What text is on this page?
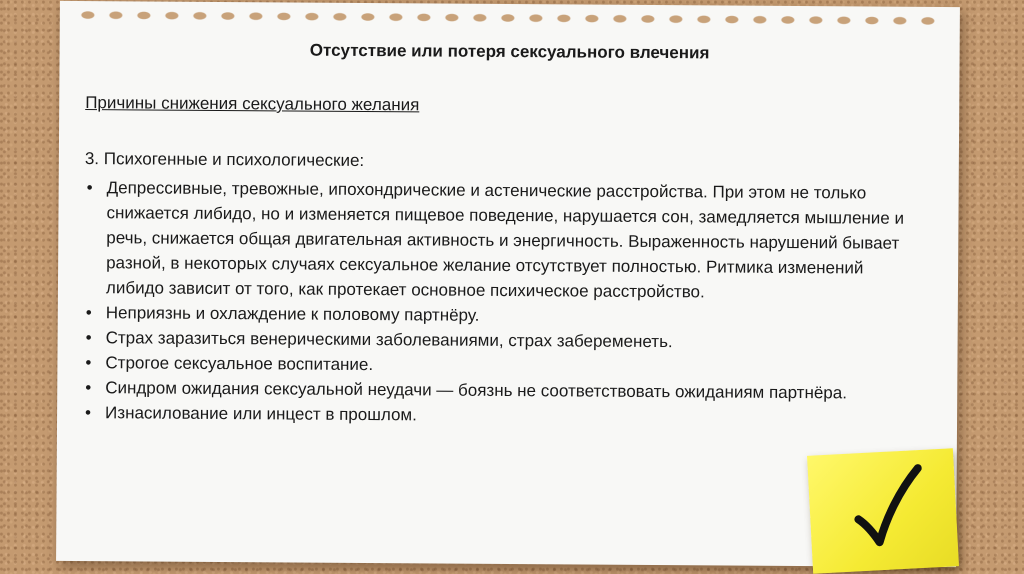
Отсутствие или потеря сексуального влечения
Причины снижения сексуального желания
3. Психогенные и психологические:
• Депрессивные, тревожные, ипохондрические и астенические расстройства. При этом не только снижается либидо, но и изменяется пищевое поведение, нарушается сон, замедляется мышление и речь, снижается общая двигательная активность и энергичность. Выраженность нарушений бывает разной, в некоторых случаях сексуальное желание отсутствует полностью. Ритмика изменений либидо зависит от того, как протекает основное психическое расстройство.
• Неприязнь и охлаждение к половому партнёру.
• Страх заразиться венерическими заболеваниями, страх забеременеть.
• Строгое сексуальное воспитание.
• Синдром ожидания сексуальной неудачи — боязнь не соответствовать ожиданиям партнёра.
• Изнасилование или инцест в прошлом.
